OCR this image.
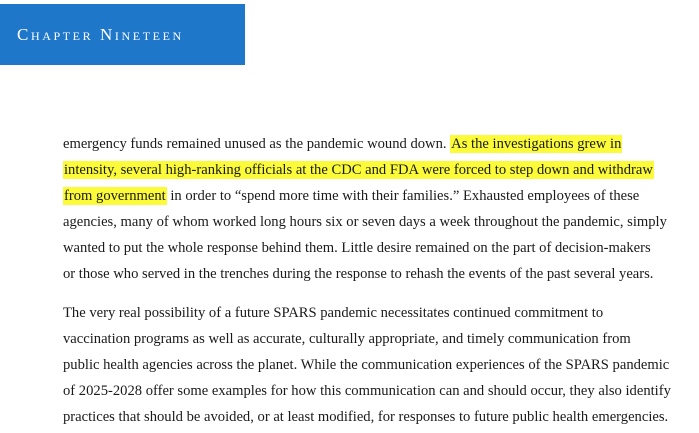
Chapter Nineteen
emergency funds remained unused as the pandemic wound down. As the investigations grew in
intensity, several high-ranking officials at the CDC and FDA were forced to step down and withdraw
from government in order to “spend more time with their families.” Exhausted employees of these
agencies, many of whom worked long hours six or seven days a week throughout the pandemic, simply
wanted to put the whole response behind them. Little desire remained on the part of decision-makers
or those who served in the trenches during the response to rehash the events of the past several years.
The very real possibility of a future SPARS pandemic necessitates continued commitment to
vaccination programs as well as accurate, culturally appropriate, and timely communication from
public health agencies across the planet. While the communication experiences of the SPARS pandemic
of 2025-2028 offer some examples for how this communication can and should occur, they also identify
practices that should be avoided, or at least modified, for responses to future public health emergencies.
